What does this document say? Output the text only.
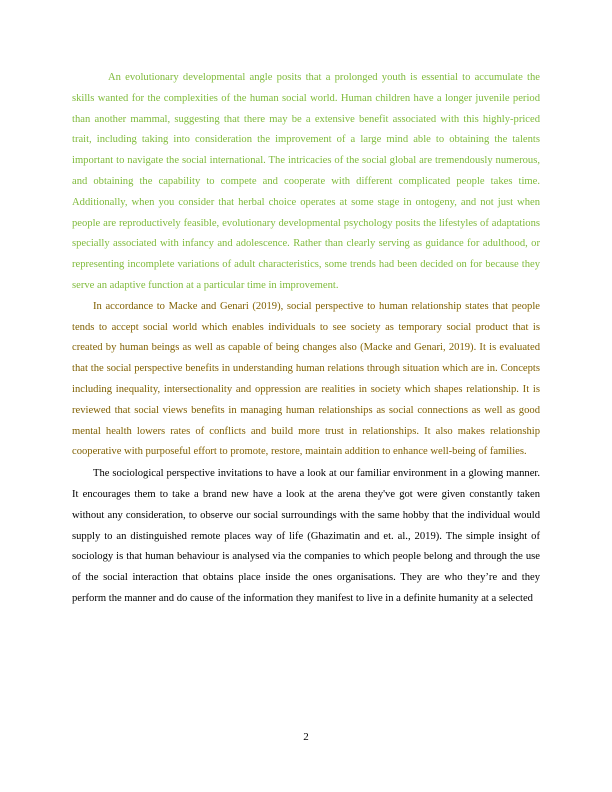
An evolutionary developmental angle posits that a prolonged youth is essential to accumulate the skills wanted for the complexities of the human social world. Human children have a longer juvenile period than another mammal, suggesting that there may be a extensive benefit associated with this highly-priced trait, including taking into consideration the improvement of a large mind able to obtaining the talents important to navigate the social international. The intricacies of the social global are tremendously numerous, and obtaining the capability to compete and cooperate with different complicated people takes time. Additionally, when you consider that herbal choice operates at some stage in ontogeny, and not just when people are reproductively feasible, evolutionary developmental psychology posits the lifestyles of adaptations specially associated with infancy and adolescence. Rather than clearly serving as guidance for adulthood, or representing incomplete variations of adult characteristics, some trends had been decided on for because they serve an adaptive function at a particular time in improvement.

In accordance to Macke and Genari (2019), social perspective to human relationship states that people tends to accept social world which enables individuals to see society as temporary social product that is created by human beings as well as capable of being changes also (Macke and Genari, 2019). It is evaluated that the social perspective benefits in understanding human relations through situation which are in. Concepts including inequality, intersectionality and oppression are realities in society which shapes relationship. It is reviewed that social views benefits in managing human relationships as social connections as well as good mental health lowers rates of conflicts and build more trust in relationships. It also makes relationship cooperative with purposeful effort to promote, restore, maintain addition to enhance well-being of families.

The sociological perspective invitations to have a look at our familiar environment in a glowing manner. It encourages them to take a brand new have a look at the arena they've got were given constantly taken without any consideration, to observe our social surroundings with the same hobby that the individual would supply to an distinguished remote places way of life (Ghazimatin and et. al., 2019). The simple insight of sociology is that human behaviour is analysed via the companies to which people belong and through the use of the social interaction that obtains place inside the ones organisations. They are who they’re and they perform the manner and do cause of the information they manifest to live in a definite humanity at a selected

2
